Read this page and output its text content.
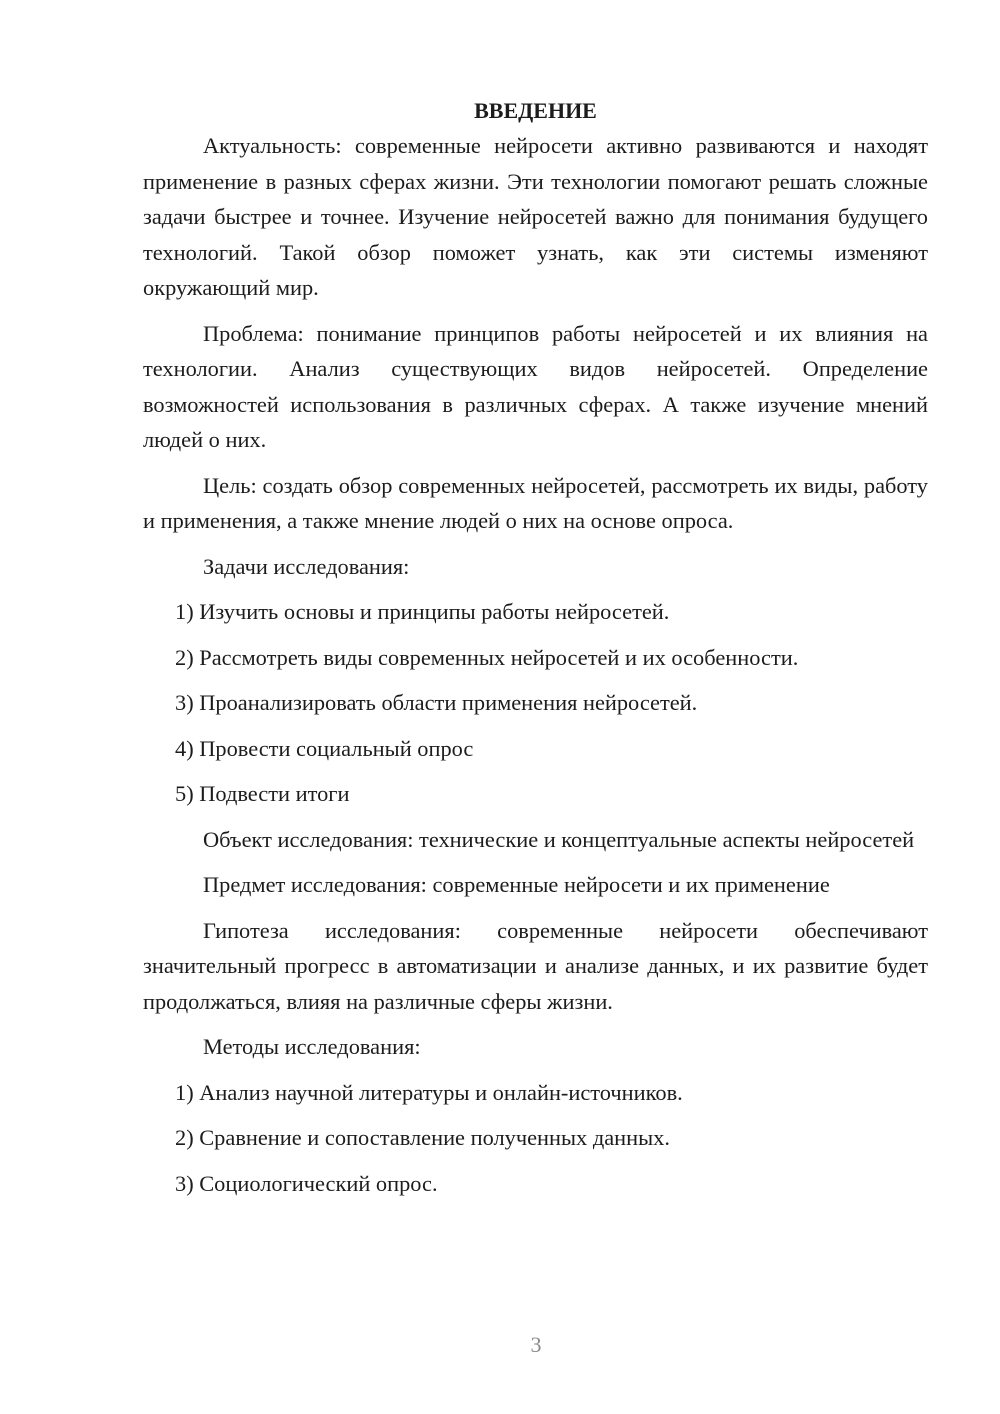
ВВЕДЕНИЕ

Актуальность: современные нейросети активно развиваются и находят применение в разных сферах жизни. Эти технологии помогают решать сложные задачи быстрее и точнее. Изучение нейросетей важно для понимания будущего технологий. Такой обзор поможет узнать, как эти системы изменяют окружающий мир.

Проблема: понимание принципов работы нейросетей и их влияния на технологии. Анализ существующих видов нейросетей. Определение возможностей использования в различных сферах. А также изучение мнений людей о них.

Цель: создать обзор современных нейросетей, рассмотреть их виды, работу и применения, а также мнение людей о них на основе опроса.

Задачи исследования:
1) Изучить основы и принципы работы нейросетей.
2) Рассмотреть виды современных нейросетей и их особенности.
3) Проанализировать области применения нейросетей.
4) Провести социальный опрос
5) Подвести итоги

Объект исследования: технические и концептуальные аспекты нейросетей

Предмет исследования: современные нейросети и их применение

Гипотеза исследования: современные нейросети обеспечивают значительный прогресс в автоматизации и анализе данных, и их развитие будет продолжаться, влияя на различные сферы жизни.

Методы исследования:
1) Анализ научной литературы и онлайн-источников.
2) Сравнение и сопоставление полученных данных.
3) Социологический опрос.
3
